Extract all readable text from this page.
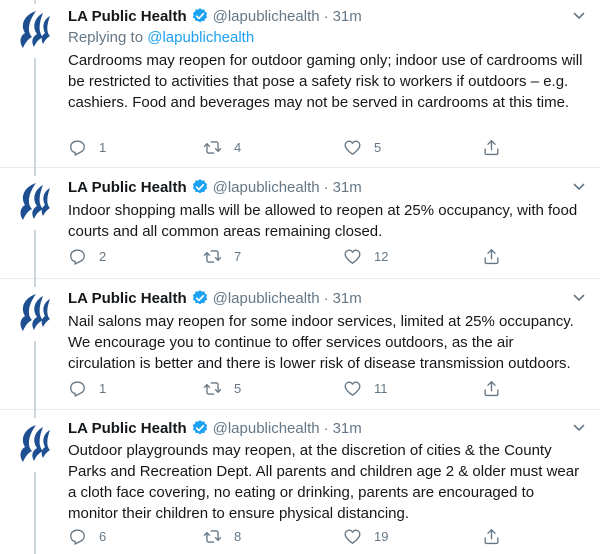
LA Public Health @lapublichealth · 31m
Replying to @lapublichealth
Cardrooms may reopen for outdoor gaming only; indoor use of cardrooms will be restricted to activities that pose a safety risk to workers if outdoors – e.g. cashiers. Food and beverages may not be served in cardrooms at this time.
1	4	5
LA Public Health @lapublichealth · 31m
Indoor shopping malls will be allowed to reopen at 25% occupancy, with food courts and all common areas remaining closed.
2	7	12
LA Public Health @lapublichealth · 31m
Nail salons may reopen for some indoor services, limited at 25% occupancy. We encourage you to continue to offer services outdoors, as the air circulation is better and there is lower risk of disease transmission outdoors.
1	5	11
LA Public Health @lapublichealth · 31m
Outdoor playgrounds may reopen, at the discretion of cities & the County Parks and Recreation Dept. All parents and children age 2 & older must wear a cloth face covering, no eating or drinking, parents are encouraged to monitor their children to ensure physical distancing.
6	8	19
